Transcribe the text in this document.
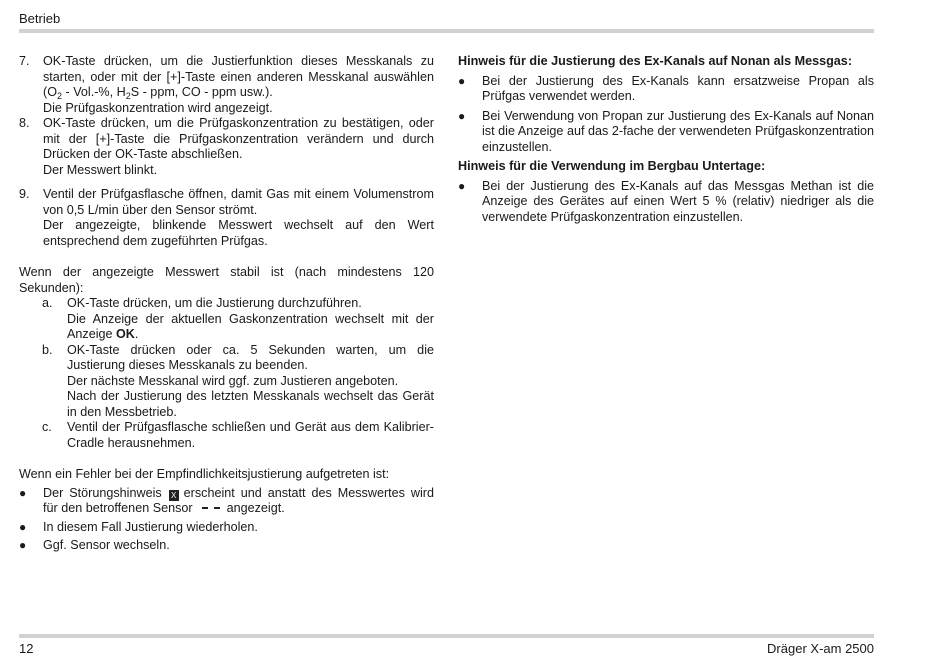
Betrieb
7.	OK-Taste drücken, um die Justierfunktion dieses Messkanals zu starten, oder mit der [+]-Taste einen anderen Messkanal auswählen ($O_2 - Vol.-\%$, $H_2S$ - ppm, CO - ppm usw.).
Die Prüfgaskonzentration wird angezeigt.
8.	OK-Taste drücken, um die Prüfgaskonzentration zu bestätigen, oder mit der [+]-Taste die Prüfgaskonzentration verändern und durch Drücken der OK-Taste abschließen.
Der Messwert blinkt.
9.	Ventil der Prüfgasflasche öffnen, damit Gas mit einem Volumenstrom von 0,5 L/min über den Sensor strömt.
Der angezeigte, blinkende Messwert wechselt auf den Wert entsprechend dem zugeführten Prüfgas.
Wenn der angezeigte Messwert stabil ist (nach mindestens 120 Sekunden):
a.	OK-Taste drücken, um die Justierung durchzuführen.
Die Anzeige der aktuellen Gaskonzentration wechselt mit der Anzeige OK.
b.	OK-Taste drücken oder ca. 5 Sekunden warten, um die Justierung dieses Messkanals zu beenden.
Der nächste Messkanal wird ggf. zum Justieren angeboten.
Nach der Justierung des letzten Messkanals wechselt das Gerät in den Messbetrieb.
c.	Ventil der Prüfgasflasche schließen und Gerät aus dem Kalibrier-Cradle herausnehmen.
Wenn ein Fehler bei der Empfindlichkeitsjustierung aufgetreten ist:
●	Der Störungshinweis X erscheint und anstatt des Messwertes wird für den betroffenen Sensor	angezeigt.
●	In diesem Fall Justierung wiederholen.
●	Ggf. Sensor wechseln.
Hinweis für die Justierung des Ex-Kanals auf Nonan als Messgas:
●	Bei der Justierung des Ex-Kanals kann ersatzweise Propan als Prüfgas verwendet werden.
●	Bei Verwendung von Propan zur Justierung des Ex-Kanals auf Nonan ist die Anzeige auf das 2-fache der verwendeten Prüfgaskonzentration einzustellen.
Hinweis für die Verwendung im Bergbau Untertage:
●	Bei der Justierung des Ex-Kanals auf das Messgas Methan ist die Anzeige des Gerätes auf einen Wert 5 % (relativ) niedriger als die verwendete Prüfgaskonzentration einzustellen.
12	Dräger X-am 2500
